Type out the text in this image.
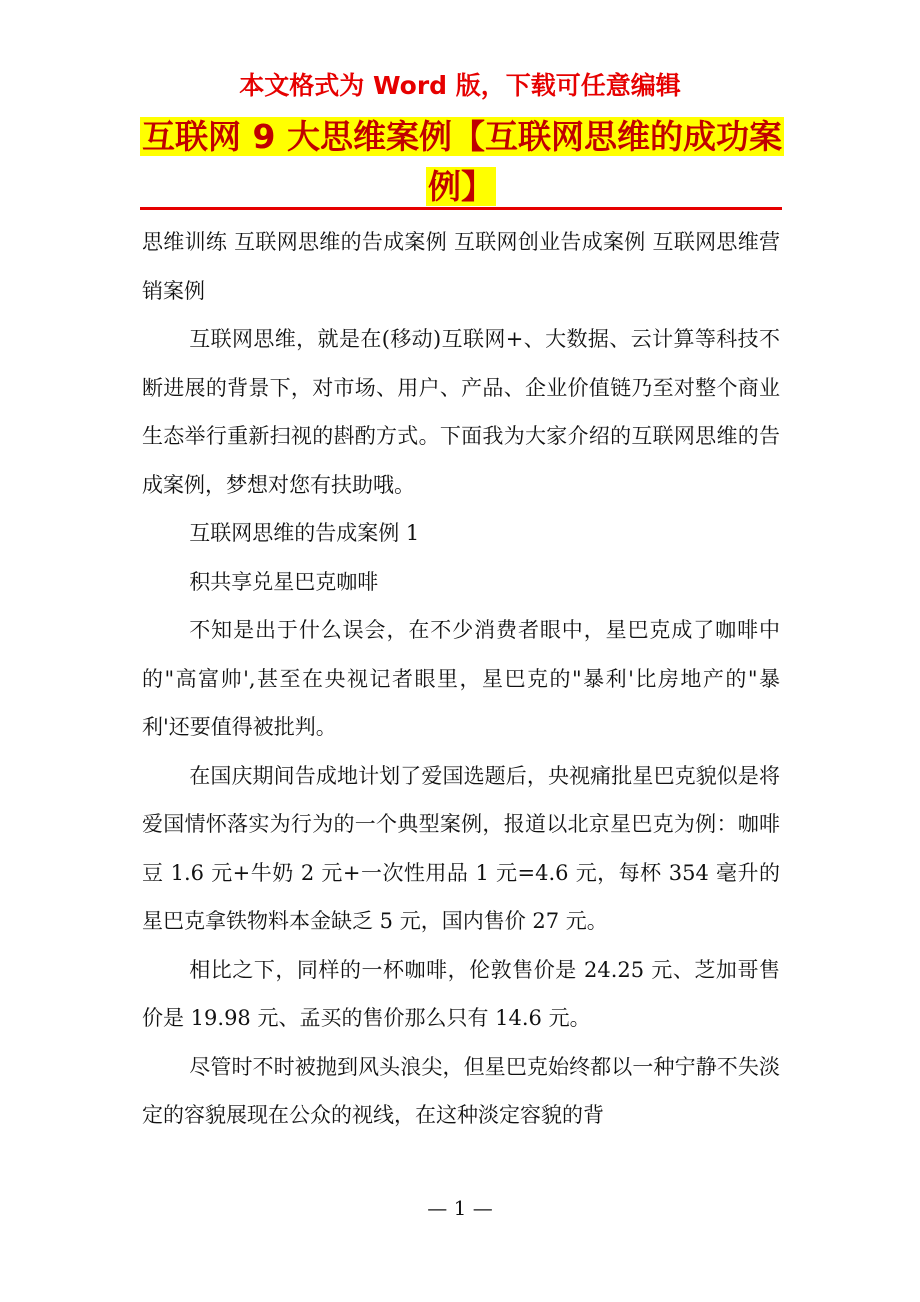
本文格式为 Word 版，下载可任意编辑
互联网 9 大思维案例【互联网思维的成功案例】

思维训练 互联网思维的告成案例 互联网创业告成案例 互联网思维营销案例

互联网思维，就是在(移动)互联网+、大数据、云计算等科技不断进展的背景下，对市场、用户、产品、企业价值链乃至对整个商业生态举行重新扫视的斟酌方式。下面我为大家介绍的互联网思维的告成案例，梦想对您有扶助哦。

互联网思维的告成案例 1

积共享兑星巴克咖啡

不知是出于什么误会，在不少消费者眼中，星巴克成了咖啡中的"高富帅',甚至在央视记者眼里，星巴克的"暴利'比房地产的"暴利'还要值得被批判。

在国庆期间告成地计划了爱国选题后，央视痛批星巴克貌似是将爱国情怀落实为行为的一个典型案例，报道以北京星巴克为例：咖啡豆 1.6 元+牛奶 2 元+一次性用品 1 元=4.6 元，每杯 354 毫升的星巴克拿铁物料本金缺乏 5 元，国内售价 27 元。

相比之下，同样的一杯咖啡，伦敦售价是 24.25 元、芝加哥售价是 19.98 元、孟买的售价那么只有 14.6 元。

尽管时不时被抛到风头浪尖，但星巴克始终都以一种宁静不失淡定的容貌展现在公众的视线，在这种淡定容貌的背

— 1 —
